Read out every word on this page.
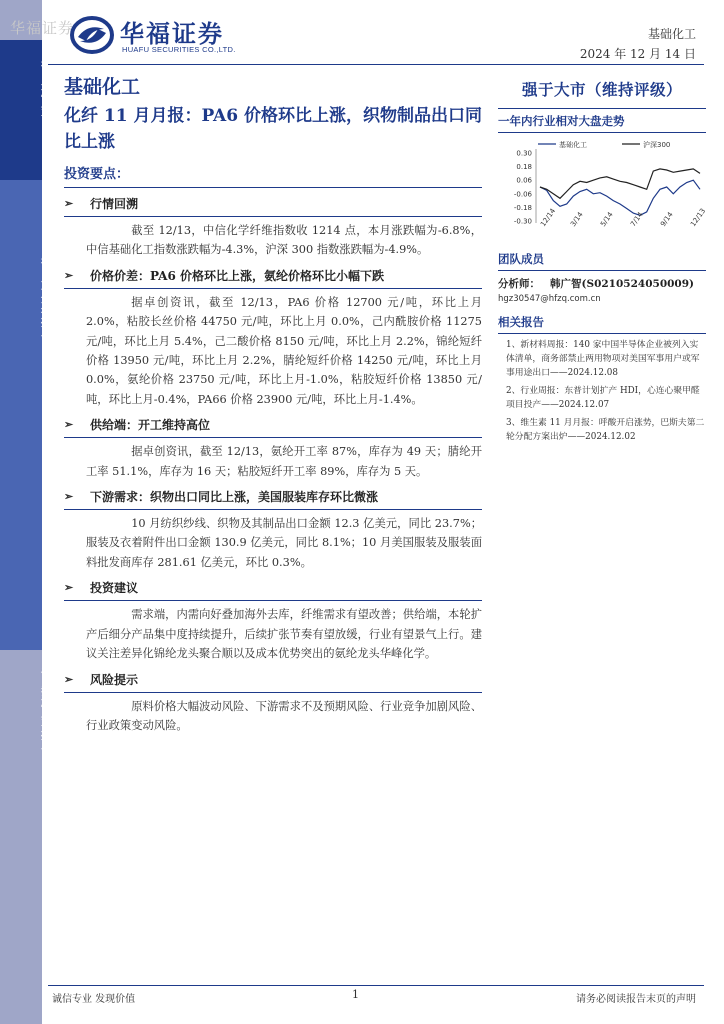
行业研究
行业定期报告
证券研究报告
华福证券 华福证券
HUAFU SECURITIES CO.,LTD.
基础化工
2024 年 12 月 14 日
基础化工
化纤 11 月月报：PA6 价格环比上涨，织物制品出口同比上涨
投资要点：
➢ 行情回溯
截至 12/13，中信化学纤维指数收 1214 点，本月涨跌幅为-6.8%，中信基础化工指数涨跌幅为-4.3%，沪深 300 指数涨跌幅为-4.9%。
➢ 价格价差：PA6 价格环比上涨，氨纶价格环比小幅下跌
据卓创资讯，截至 12/13，PA6 价格 12700 元/吨，环比上月 2.0%，粘胶长丝价格 44750 元/吨，环比上月 0.0%，己内酰胺价格 11275 元/吨，环比上月 5.4%，己二酸价格 8150 元/吨，环比上月 2.2%，锦纶短纤价格 13950 元/吨，环比上月 2.2%，腈纶短纤价格 14250 元/吨，环比上月 0.0%，氨纶价格 23750 元/吨，环比上月-1.0%，粘胶短纤价格 13850 元/吨，环比上月-0.4%，PA66 价格 23900 元/吨，环比上月-1.4%。
➢ 供给端：开工维持高位
据卓创资讯，截至 12/13，氨纶开工率 87%，库存为 49 天；腈纶开工率 51.1%，库存为 16 天；粘胶短纤开工率 89%，库存为 5 天。
➢ 下游需求：织物出口同比上涨，美国服装库存环比微涨
10 月纺织纱线、织物及其制品出口金额 12.3 亿美元，同比 23.7%；服装及衣着附件出口金额 130.9 亿美元，同比 8.1%；10 月美国服装及服装面料批发商库存 281.61 亿美元，环比 0.3%。
➢ 投资建议
需求端，内需向好叠加海外去库，纤维需求有望改善；供给端，本轮扩产后细分产品集中度持续提升，后续扩张节奏有望放缓，行业有望景气上行。建议关注差异化锦纶龙头聚合顺以及成本优势突出的氨纶龙头华峰化学。
➢ 风险提示
原料价格大幅波动风险、下游需求不及预期风险、行业竞争加剧风险、行业政策变动风险。
强于大市（维持评级）
一年内行业相对大盘走势
基础化工	沪深300
0.30
0.18
0.06
-0.06
-0.18
-0.30 12/14 3/14 5/14 7/14 9/14 12/13
团队成员
分析师： 韩广智(S0210524050009)
hgz30547@hfzq.com.cn
相关报告
1、新材料周报：140 家中国半导体企业被列入实体清单，商务部禁止两用物项对美国军事用户或军事用途出口——2024.12.08
2、行业周报：东普计划扩产 HDI，心连心聚甲醛项目投产——2024.12.07
3、维生素 11 月月报：呼酸开启涨势，巴斯夫第二轮分配方案出炉——2024.12.02
诚信专业 发现价值	1	请务必阅读报告末页的声明
